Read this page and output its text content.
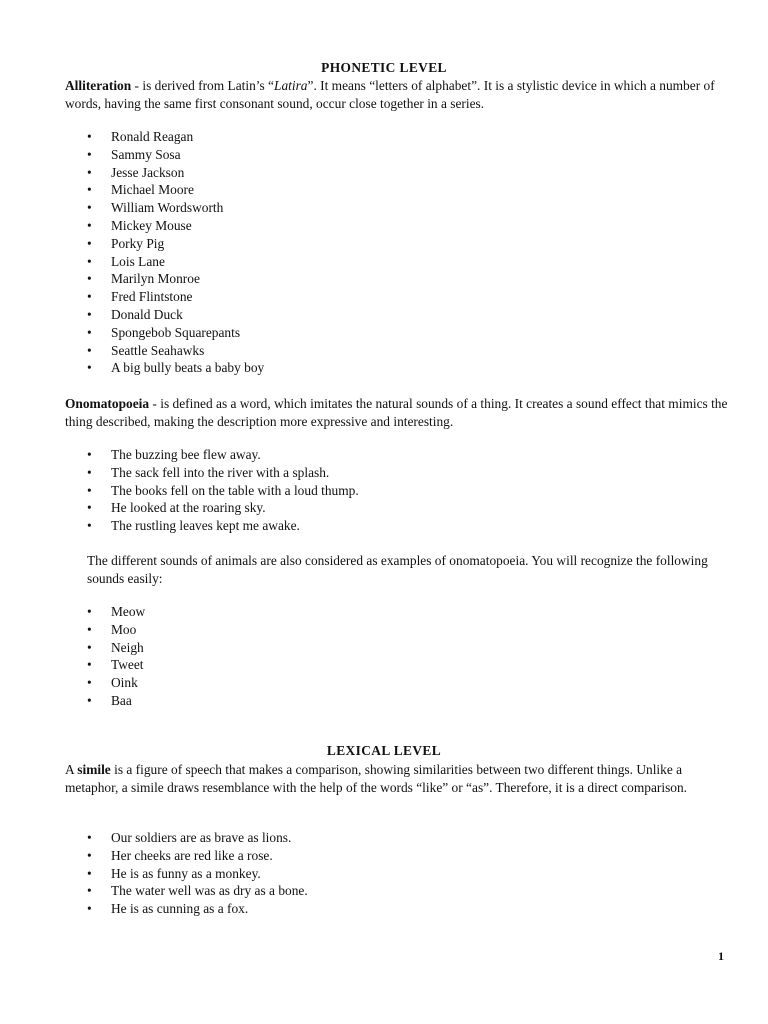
PHONETIC LEVEL

Alliteration - is derived from Latin’s “Latira”. It means “letters of alphabet”. It is a stylistic device in which a number of words, having the same first consonant sound, occur close together in a series.

• Ronald Reagan
• Sammy Sosa
• Jesse Jackson
• Michael Moore
• William Wordsworth
• Mickey Mouse
• Porky Pig
• Lois Lane
• Marilyn Monroe
• Fred Flintstone
• Donald Duck
• Spongebob Squarepants
• Seattle Seahawks
• A big bully beats a baby boy

Onomatopoeia - is defined as a word, which imitates the natural sounds of a thing. It creates a sound effect that mimics the thing described, making the description more expressive and interesting.

• The buzzing bee flew away.
• The sack fell into the river with a splash.
• The books fell on the table with a loud thump.
• He looked at the roaring sky.
• The rustling leaves kept me awake.

The different sounds of animals are also considered as examples of onomatopoeia. You will recognize the following sounds easily:

• Meow
• Moo
• Neigh
• Tweet
• Oink
• Baa
LEXICAL LEVEL

A simile is a figure of speech that makes a comparison, showing similarities between two different things. Unlike a metaphor, a simile draws resemblance with the help of the words “like” or “as”. Therefore, it is a direct comparison.

• Our soldiers are as brave as lions.
• Her cheeks are red like a rose.
• He is as funny as a monkey.
• The water well was as dry as a bone.
• He is as cunning as a fox.
1
